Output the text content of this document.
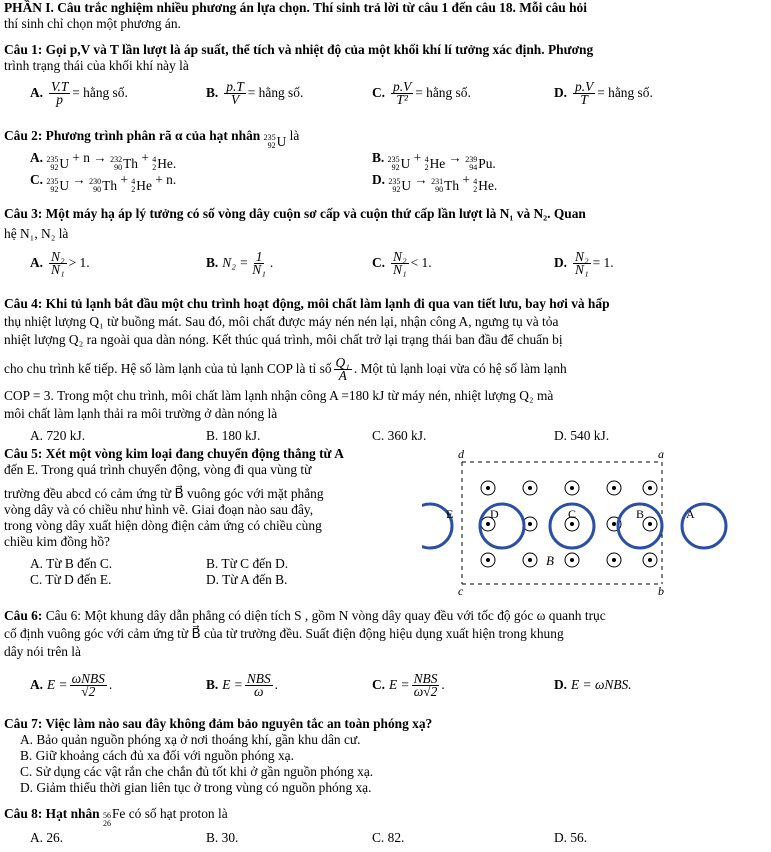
PHẦN I. Câu trắc nghiệm nhiều phương án lựa chọn. Thí sinh trả lời từ câu 1 đến câu 18. Mỗi câu hỏi
thí sinh chỉ chọn một phương án.
Câu 1: Gọi p,V và T lần lượt là áp suất, thể tích và nhiệt độ của một khối khí lí tưởng xác định. Phương
trình trạng thái của khối khí này là
A. $\frac{V.T}{p}$ = hằng số.	B. $\frac{p.T}{V}$ = hằng số.	C. $\frac{p.V}{\text{T²}}$ = hằng số.	D. $\frac{p.V}{T}$ = hằng số.
Câu 2: Phương trình phân rã α của hạt nhân 235
92 U là
A. 235
92 U + n → 232
90 Th + 4
2 He.	B. 235
92 U + 4
2 He → 239
94 Pu.
C. 235
92 U → 230
90 Th + 4
2 He + n.	D. 235
92 U → 231
90 Th + 4
2 He.
Câu 3: Một máy hạ áp lý tưởng có số vòng dây cuộn sơ cấp và cuộn thứ cấp lần lượt là N₁ và N₂. Quan
hệ N₁, N₂ là
A. $\frac{\text{N₂}}{\text{N₁}} > 1$.	B. $N_2 = \frac{1}{\text{N₁}}$ .	C. $\frac{\text{N₂}}{\text{N₁}} < 1$.	D. $\frac{\text{N₂}}{\text{N₁}} = 1$.
Câu 4: Khi tủ lạnh bắt đầu một chu trình hoạt động, môi chất làm lạnh đi qua van tiết lưu, bay hơi và hấp
thụ nhiệt lượng Q₁ từ buồng mát. Sau đó, môi chất được máy nén nén lại, nhận công A, ngưng tụ và tỏa
nhiệt lượng Q₂ ra ngoài qua dàn nóng. Kết thúc quá trình, môi chất trở lại trạng thái ban đầu để chuẩn bị
cho chu trình kế tiếp. Hệ số làm lạnh của tủ lạnh COP là tỉ số $\frac{\text{Q₁}}{A}$ . Một tủ lạnh loại vừa có hệ số làm lạnh
COP = 3. Trong một chu trình, môi chất làm lạnh nhận công A =180 kJ từ máy nén, nhiệt lượng Q₂ mà
môi chất làm lạnh thải ra môi trường ở dàn nóng là
A. 720 kJ.	B. 180 kJ.	C. 360 kJ.	D. 540 kJ.
Câu 5: Xét một vòng kim loại đang chuyển động thẳng từ A
đến E. Trong quá trình chuyển động, vòng đi qua vùng từ
trường đều abcd có cảm ứng từ B⃗ vuông góc với mặt phẳng
vòng dây và có chiều như hình vẽ. Giai đoạn nào sau đây,
trong vòng dây xuất hiện dòng điện cảm ứng có chiều cùng
chiều kim đồng hồ?
A. Từ B đến C.	B. Từ C đến D.
C. Từ D đến E.	D. Từ A đến B.
d	a
c	b
B⃗
E	D	C	B	A
Câu 6: Câu 6: Một khung dây dẫn phẳng có diện tích S , gồm N vòng dây quay đều với tốc độ góc ω quanh trục
cố định vuông góc với cảm ứng từ B⃗ của từ trường đều. Suất điện động hiệu dụng xuất hiện trong khung
dây nói trên là
A. $E = \frac{\text{ωNBS}}{√2}$ .	B. $E = \frac{\text{NBS}}{\omega}$ .	C. $E = \frac{\text{NBS}}{\omega√2}$ .	D. E = ωNBS.
Câu 7: Việc làm nào sau đây không đảm bảo nguyên tắc an toàn phóng xạ?
A. Bảo quản nguồn phóng xạ ở nơi thoáng khí, gần khu dân cư.
B. Giữ khoảng cách đủ xa đối với nguồn phóng xạ.
C. Sử dụng các vật rắn che chắn đủ tốt khi ở gần nguồn phóng xạ.
D. Giảm thiểu thời gian liên tục ở trong vùng có nguồn phóng xạ.
Câu 8: Hạt nhân 56
26
Fe có số hạt proton là
A. 26.	B. 30.	C. 82.	D. 56.
